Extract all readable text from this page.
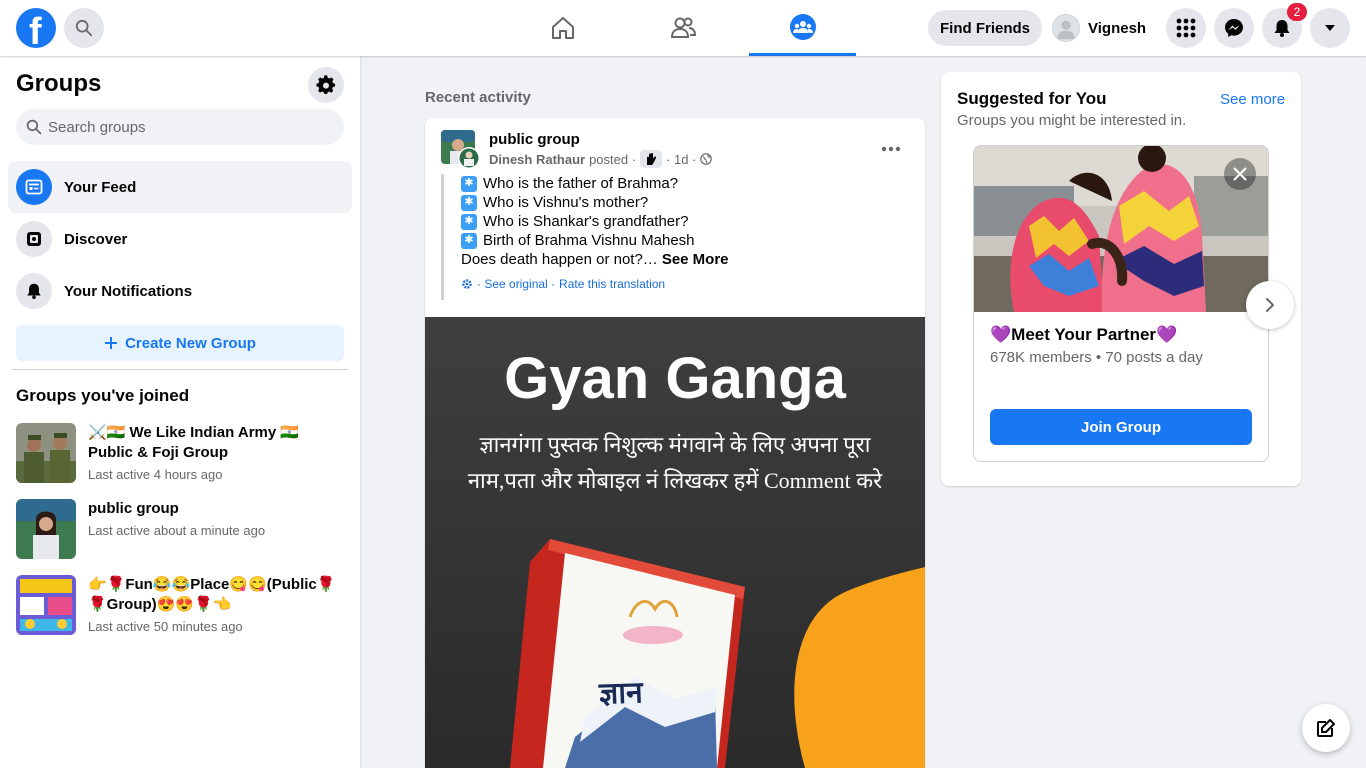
f	Find Friends	Vignesh
2
Groups
Search groups
Your Feed
Discover
Your Notifications
Create New Group
Groups you've joined
⚔️🇮🇳 We Like Indian Army 🇮🇳 Public & Foji Group
Last active 4 hours ago
public group
Last active about a minute ago
👉🌹Fun😂😂Place😋😋(Public🌹🌹Group)😍😍🌹👈
Last active 50 minutes ago
Recent activity
public group
Dinesh Rathaur posted · · 1d ·
✱ Who is the father of Brahma?
✱ Who is Vishnu's mother?
✱ Who is Shankar's grandfather?
✱ Birth of Brahma Vishnu Mahesh
Does death happen or not?… See More
· See original · Rate this translation
Gyan Ganga
ज्ञानगंगा पुस्तक निशुल्क मंगवाने के लिए अपना पूरा
नाम,पता और मोबाइल नं लिखकर हमें Comment करे
ज्ञान
Suggested for You
Groups you might be interested in.
See more
💜Meet Your Partner💜
678K members • 70 posts a day
Join Group
